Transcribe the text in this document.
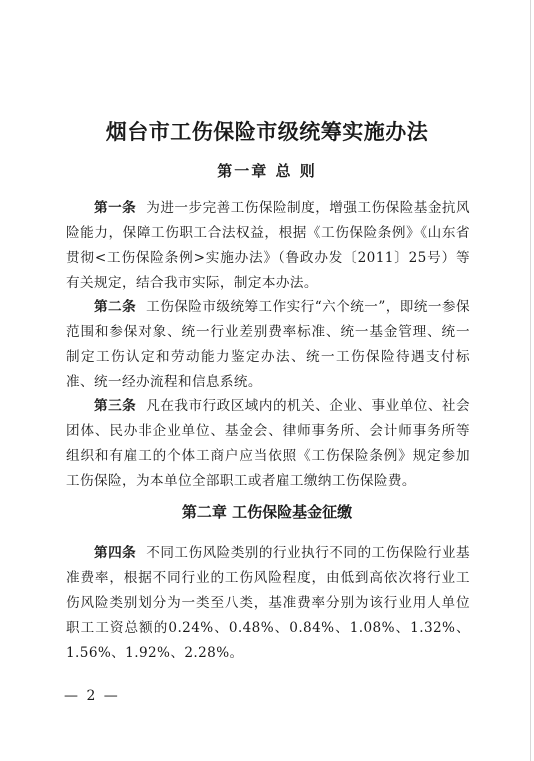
烟台市工伤保险市级统筹实施办法
第一章 总 则

第一条 为进一步完善工伤保险制度，增强工伤保险基金抗风险能力，保障工伤职工合法权益，根据《工伤保险条例》《山东省贯彻<工伤保险条例>实施办法》（鲁政办发〔2011〕25号）等有关规定，结合我市实际，制定本办法。

第二条 工伤保险市级统筹工作实行“六个统一”，即统一参保范围和参保对象、统一行业差别费率标准、统一基金管理、统一制定工伤认定和劳动能力鉴定办法、统一工伤保险待遇支付标准、统一经办流程和信息系统。

第三条 凡在我市行政区域内的机关、企业、事业单位、社会团体、民办非企业单位、基金会、律师事务所、会计师事务所等组织和有雇工的个体工商户应当依照《工伤保险条例》规定参加工伤保险，为本单位全部职工或者雇工缴纳工伤保险费。

第二章 工伤保险基金征缴

第四条 不同工伤风险类别的行业执行不同的工伤保险行业基准费率，根据不同行业的工伤风险程度，由低到高依次将行业工伤风险类别划分为一类至八类，基准费率分别为该行业用人单位职工工资总额的0.24%、0.48%、0.84%、1.08%、1.32%、1.56%、1.92%、2.28%。

— 2 —
